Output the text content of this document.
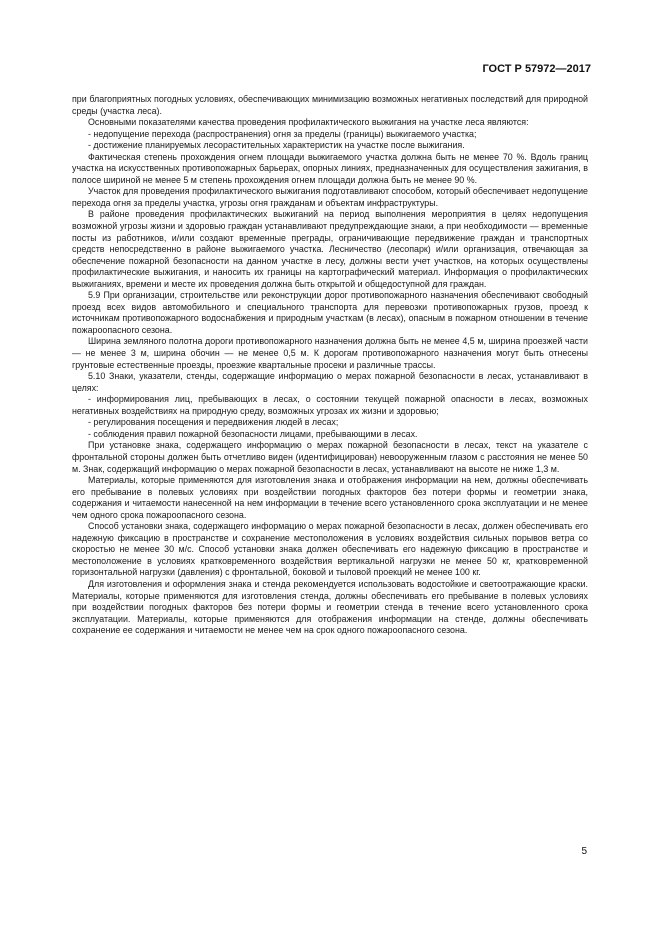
ГОСТ Р 57972—2017

при благоприятных погодных условиях, обеспечивающих минимизацию возможных негативных последствий для природной среды (участка леса).

Основными показателями качества проведения профилактического выжигания на участке леса являются:

- недопущение перехода (распространения) огня за пределы (границы) выжигаемого участка;

- достижение планируемых лесорастительных характеристик на участке после выжигания.

Фактическая степень прохождения огнем площади выжигаемого участка должна быть не менее 70 %. Вдоль границ участка на искусственных противопожарных барьерах, опорных линиях, предназначенных для осуществления зажигания, в полосе шириной не менее 5 м степень прохождения огнем площади должна быть не менее 90 %.

Участок для проведения профилактического выжигания подготавливают способом, который обеспечивает недопущение перехода огня за пределы участка, угрозы огня гражданам и объектам инфраструктуры.

В районе проведения профилактических выжиганий на период выполнения мероприятия в целях недопущения возможной угрозы жизни и здоровью граждан устанавливают предупреждающие знаки, а при необходимости — временные посты из работников, и/или создают временные преграды, ограничивающие передвижение граждан и транспортных средств непосредственно в районе выжигаемого участка. Лесничество (лесопарк) и/или организация, отвечающая за обеспечение пожарной безопасности на данном участке в лесу, должны вести учет участков, на которых осуществлены профилактические выжигания, и наносить их границы на картографический материал. Информация о профилактических выжиганиях, времени и месте их проведения должна быть открытой и общедоступной для граждан.

5.9 При организации, строительстве или реконструкции дорог противопожарного назначения обеспечивают свободный проезд всех видов автомобильного и специального транспорта для перевозки противопожарных грузов, проезд к источникам противопожарного водоснабжения и природным участкам (в лесах), опасным в пожарном отношении в течение пожароопасного сезона.

Ширина земляного полотна дороги противопожарного назначения должна быть не менее 4,5 м, ширина проезжей части — не менее 3 м, ширина обочин — не менее 0,5 м. К дорогам противопожарного назначения могут быть отнесены грунтовые естественные проезды, проезжие квартальные просеки и различные трассы.

5.10 Знаки, указатели, стенды, содержащие информацию о мерах пожарной безопасности в лесах, устанавливают в целях:

- информирования лиц, пребывающих в лесах, о состоянии текущей пожарной опасности в лесах, возможных негативных воздействиях на природную среду, возможных угрозах их жизни и здоровью;

- регулирования посещения и передвижения людей в лесах;

- соблюдения правил пожарной безопасности лицами, пребывающими в лесах.

При установке знака, содержащего информацию о мерах пожарной безопасности в лесах, текст на указателе с фронтальной стороны должен быть отчетливо виден (идентифицирован) невооруженным глазом с расстояния не менее 50 м. Знак, содержащий информацию о мерах пожарной безопасности в лесах, устанавливают на высоте не ниже 1,3 м.

Материалы, которые применяются для изготовления знака и отображения информации на нем, должны обеспечивать его пребывание в полевых условиях при воздействии погодных факторов без потери формы и геометрии знака, содержания и читаемости нанесенной на нем информации в течение всего установленного срока эксплуатации и не менее чем одного срока пожароопасного сезона.

Способ установки знака, содержащего информацию о мерах пожарной безопасности в лесах, должен обеспечивать его надежную фиксацию в пространстве и сохранение местоположения в условиях воздействия сильных порывов ветра со скоростью не менее 30 м/с. Способ установки знака должен обеспечивать его надежную фиксацию в пространстве и местоположение в условиях кратковременного воздействия вертикальной нагрузки не менее 50 кг, кратковременной горизонтальной нагрузки (давления) с фронтальной, боковой и тыловой проекций не менее 100 кг.

Для изготовления и оформления знака и стенда рекомендуется использовать водостойкие и светоотражающие краски. Материалы, которые применяются для изготовления стенда, должны обеспечивать его пребывание в полевых условиях при воздействии погодных факторов без потери формы и геометрии стенда в течение всего установленного срока эксплуатации. Материалы, которые применяются для отображения информации на стенде, должны обеспечивать сохранение ее содержания и читаемости не менее чем на срок одного пожароопасного сезона.

5
